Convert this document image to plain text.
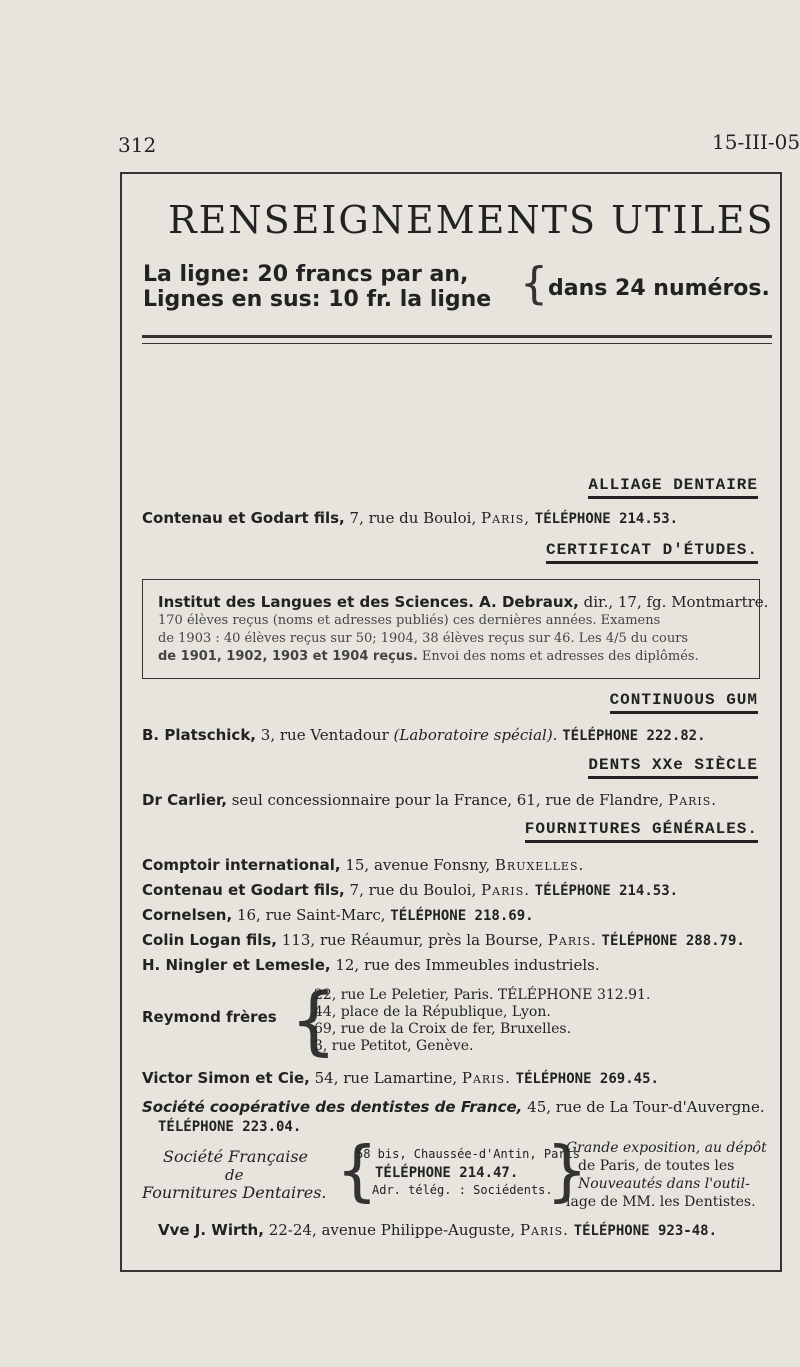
312	15-III-05
RENSEIGNEMENTS UTILES
La ligne: 20 francs par an,
Lignes en sus: 10 fr. la ligne { dans 24 numéros.
ALLIAGE DENTAIRE
Contenau et Godart fils, 7, rue du Bouloi, Paris, TÉLÉPHONE 214.53.
CERTIFICAT D'ÉTUDES.
Institut des Langues et des Sciences. A. Debraux, dir., 17, fg. Montmartre.
170 élèves reçus (noms et adresses publiés) ces dernières années. Examens
de 1903 : 40 élèves reçus sur 50; 1904, 38 élèves reçus sur 46. Les 4/5 du cours
de 1901, 1902, 1903 et 1904 reçus. Envoi des noms et adresses des diplômés.
CONTINUOUS GUM
B. Platschick, 3, rue Ventadour (Laboratoire spécial). TÉLÉPHONE 222.82.
DENTS XXe SIÈCLE
Dr Carlier, seul concessionnaire pour la France, 61, rue de Flandre, Paris.
FOURNITURES GÉNÉRALES.
Comptoir international, 15, avenue Fonsny, Bruxelles.
Contenau et Godart fils, 7, rue du Bouloi, Paris. TÉLÉPHONE 214.53.
Cornelsen, 16, rue Saint-Marc, TÉLÉPHONE 218.69.
Colin Logan fils, 113, rue Réaumur, près la Bourse, Paris. TÉLÉPHONE 288.79.
H. Ningler et Lemesle, 12, rue des Immeubles industriels.
Reymond frères {
22, rue Le Peletier, Paris. TÉLÉPHONE 312.91.
44, place de la République, Lyon.
69, rue de la Croix de fer, Bruxelles.
3, rue Petitot, Genève.
Victor Simon et Cie, 54, rue Lamartine, Paris. TÉLÉPHONE 269.45.
Société coopérative des dentistes de France, 45, rue de La Tour-d'Auvergne.
TÉLÉPHONE 223.04.
Société Française
de
Fournitures Dentaires. {
58 bis, Chaussée-d'Antin, Paris
TÉLÉPHONE 214.47.
Adr. télég. : Sociédents.
}
Grande exposition, au dépôt
de Paris, de toutes les
Nouveautés dans l'outil-
lage de MM. les Dentistes.
Vve J. Wirth, 22-24, avenue Philippe-Auguste, Paris. TÉLÉPHONE 923-48.
